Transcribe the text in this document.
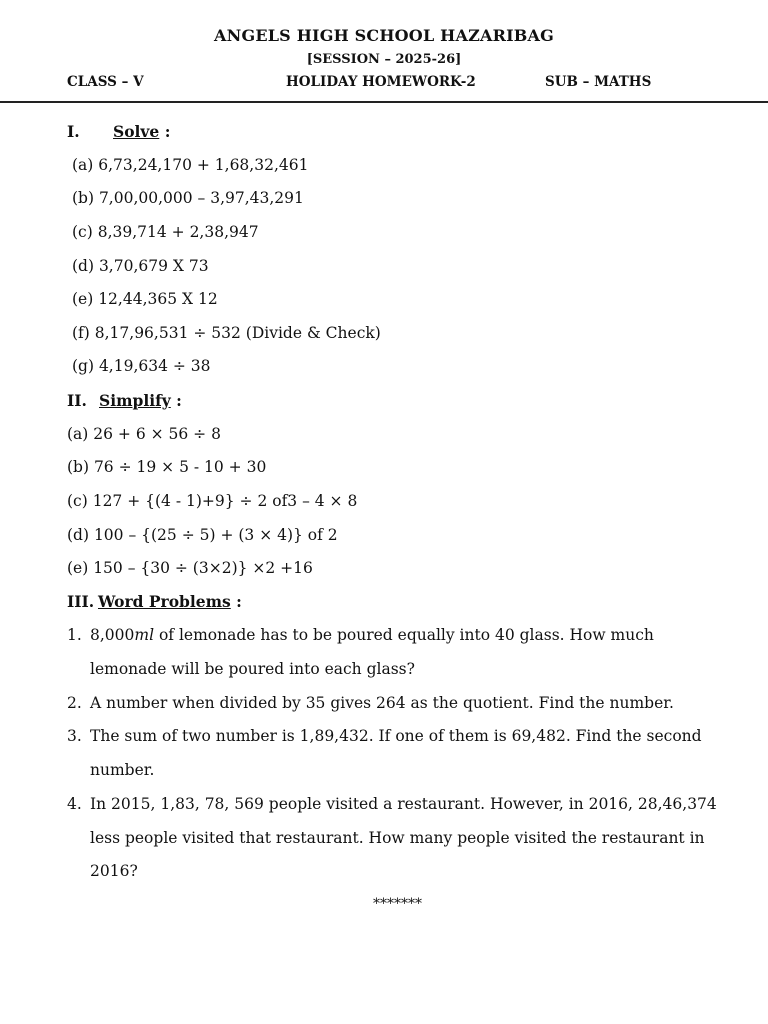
ANGELS HIGH SCHOOL HAZARIBAG
[SESSION – 2025-26]
CLASS – V	HOLIDAY HOMEWORK-2	SUB – MATHS
I. Solve :
(a) 6,73,24,170 + 1,68,32,461
(b) 7,00,00,000 – 3,97,43,291
(c) 8,39,714 + 2,38,947
(d) 3,70,679 X 73
(e) 12,44,365 X 12
(f) 8,17,96,531 ÷ 532 (Divide & Check)
(g) 4,19,634 ÷ 38
II. Simplify :
(a) 26 + 6 × 56 ÷ 8
(b) 76 ÷ 19 × 5 - 10 + 30
(c) 127 + {(4 - 1)+9} ÷ 2 of3 – 4 × 8
(d) 100 – {(25 ÷ 5) + (3 × 4)} of 2
(e) 150 – {30 ÷ (3×2)} ×2 +16
III. Word Problems :
1. 8,000ml of lemonade has to be poured equally into 40 glass. How much
lemonade will be poured into each glass?
2. A number when divided by 35 gives 264 as the quotient. Find the number.
3. The sum of two number is 1,89,432. If one of them is 69,482. Find the second
number.
4. In 2015, 1,83, 78, 569 people visited a restaurant. However, in 2016, 28,46,374
less people visited that restaurant. How many people visited the restaurant in
2016?
*******
